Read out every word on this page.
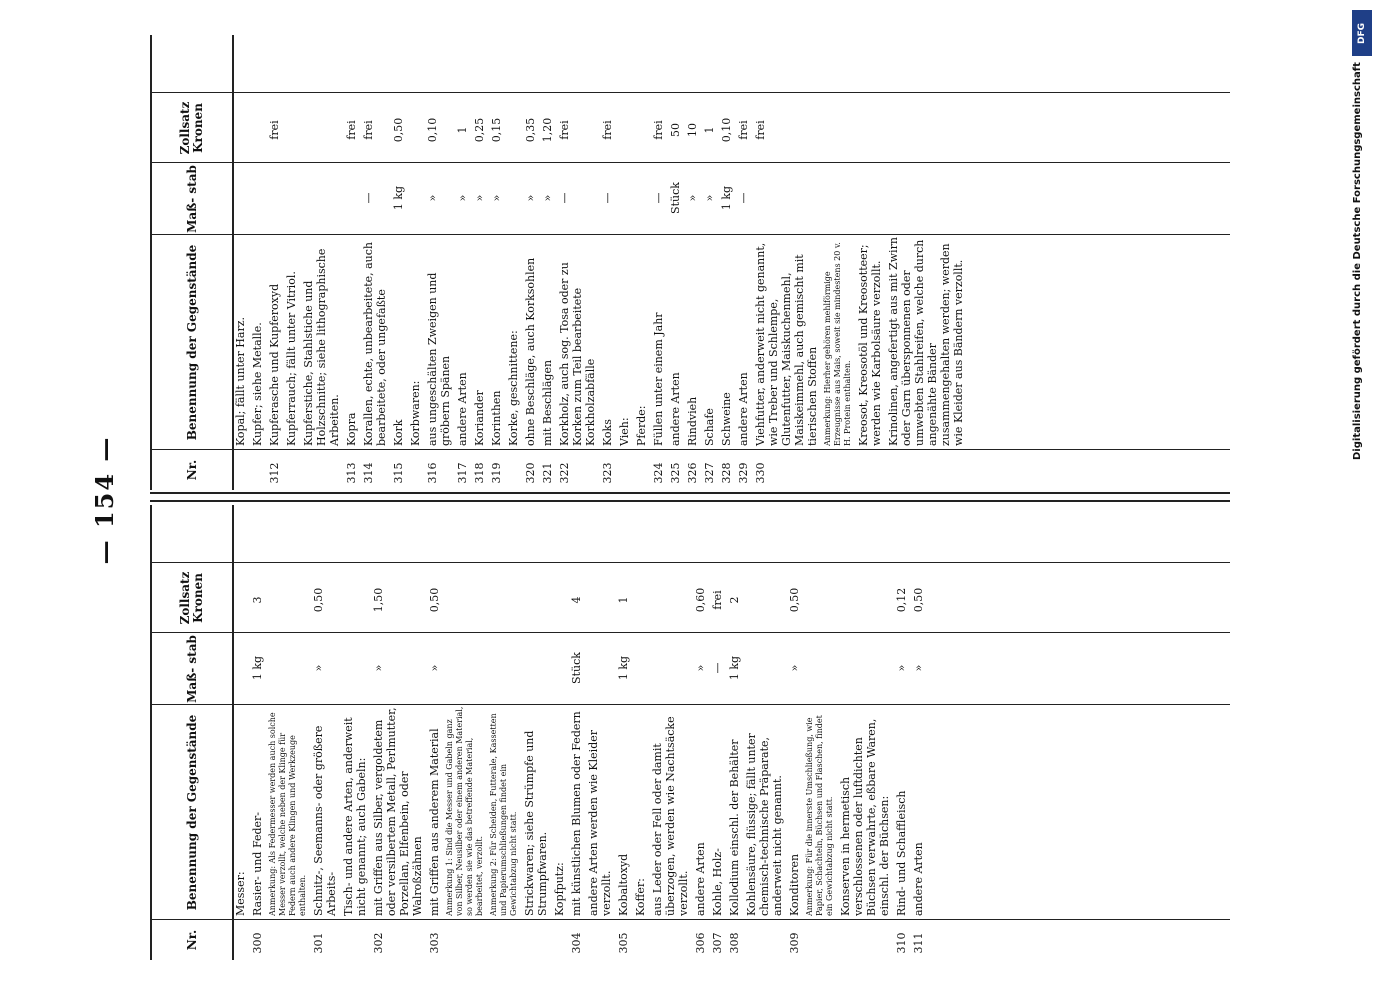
— 154 —
Nr.
Benennung der Gegenstände
Maß- stab
Zollsatz Kronen
Messer:
300
Rasier- und Feder-
1 kg
3
Anmerkung: Als Federmesser werden auch solche Messer verzollt, welche neben der Klinge für Federn auch andere Klingen und Werkzeuge enthalten.
301
Schnitz-, Seemanns- oder größere Arbeits-
»
0,50
Tisch- und andere Arten, anderweit nicht genannt; auch Gabeln:
302
mit Griffen aus Silber, vergoldetem oder versilbertem Metall, Perlmutter, Porzellan, Elfenbein, oder Walroßzähnen
»
1,50
303
mit Griffen aus anderem Material
»
0,50
Anmerkung 1: Sind die Messer und Gabeln ganz von Silber, Neusilber oder einem anderen Material, so werden sie wie das betreffende Material, bearbeitet, verzollt. Anmerkung 2: Für Scheiden, Futterale, Kassetten und Papierumschließungen findet ein Gewichtabzug nicht statt. Strickwaren; siehe Strümpfe und Strumpfwaren. Kopfputz:
304
mit künstlichen Blumen oder Federn
Stück
4
andere Arten werden wie Kleider verzollt.
305
Kobaltoxyd
1 kg
1
Koffer: aus Leder oder Fell oder damit überzogen, werden wie Nachtsäcke verzollt.
306
andere Arten
»
0,60
307
Kohle, Holz-
—
frei
308
Kollodium einschl. der Behälter
1 kg
2
Kohlensäure, flüssige; fällt unter chemisch-technische Präparate, anderweit nicht genannt.
309
Konditoren
»
0,50
Anmerkung: Für die innerste Umschließung, wie Papier, Schachteln, Büchsen und Flaschen, findet ein Gewichtabzug nicht statt. Konserven in hermetisch verschlossenen oder luftdichten Büchsen verwahrte, eßbare Waren, einschl. der Büchsen:
310
Rind- und Schaffleisch
»
0,12
311
andere Arten
»
0,50
Nr.
Benennung der Gegenstände
Maß- stab
Zollsatz Kronen
Kopal; fällt unter Harz. Kupfer; siehe Metalle.
312
Kupferasche und Kupferoxyd
frei
Kupferrauch; fällt unter Vitriol. Kupferstiche, Stahlstiche und Holzschnitte; siehe lithographische Arbeiten.
313
Kopra
frei
314
Korallen, echte, unbearbeitete, auch bearbeitete, oder ungefaßte
—
frei
315
Kork
1 kg
0,50
Korbwaren:
316
aus ungeschälten Zweigen und gröbern Spänen
»
0,10
317
andere Arten
»
1
318
Koriander
»
0,25
319
Korinthen
»
0,15
Korke, geschnittene:
320
ohne Beschläge, auch Korksohlen
»
0,35
321
mit Beschlägen
»
1,20
322
Korkholz, auch sog. Tosa oder zu Korken zum Teil bearbeitete Korkholzabfälle
—
frei
323
Koks
—
frei
Vieh: Pferde:
324
Füllen unter einem Jahr
—
frei
325
andere Arten
Stück
50
326
Rindvieh
»
10
327
Schafe
»
1
328
Schweine
1 kg
0,10
329
andere Arten
—
frei
330
Viehfutter, anderweit nicht genannt, wie Treber und Schlempe, Glutenfutter, Maiskuchenmehl, Maiskeimmehl, auch gemischt mit tierischen Stoffen
frei
Anmerkung: Hierher gehören mehlförmige Erzeugnisse aus Mais, soweit sie mindestens 20 v. H. Protein enthalten. Kreosot, Kreosotöl und Kreosotteer; werden wie Karbolsäure verzollt. Krinolinen, angefertigt aus mit Zwirn oder Garn übersponnenen oder umwebten Stahlreifen, welche durch angenähte Bänder zusammengehalten werden; werden wie Kleider aus Bändern verzollt.
DFG
Digitalisierung gefördert durch die Deutsche Forschungsgemeinschaft
